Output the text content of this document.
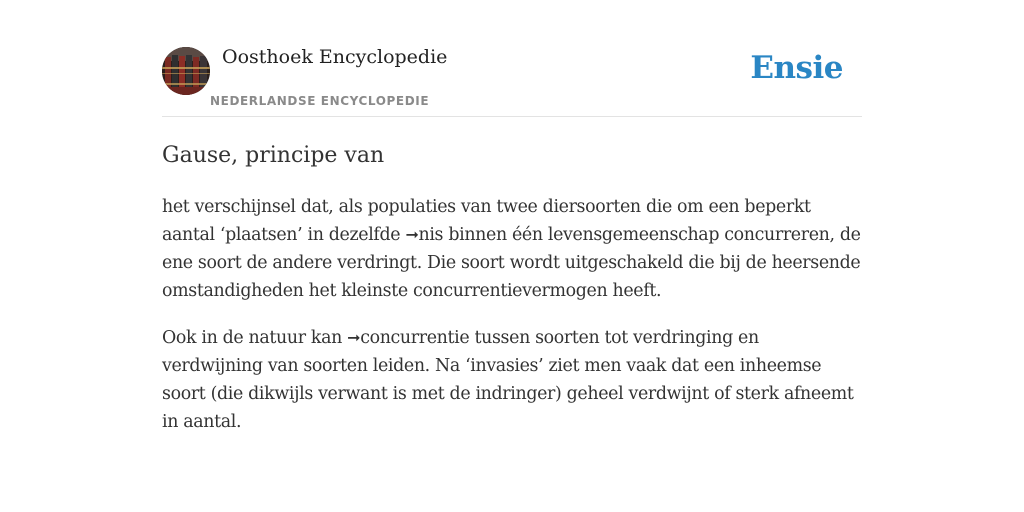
Oosthoek Encyclopedie
NEDERLANDSE ENCYCLOPEDIE
Ensie
Gause, principe van

het verschijnsel dat, als populaties van twee diersoorten die om een beperkt aantal ‘plaatsen’ in dezelfde ➞nis binnen één levensgemeenschap concurreren, de ene soort de andere verdringt. Die soort wordt uitgeschakeld die bij de heersende omstandigheden het kleinste concurrentievermogen heeft.

Ook in de natuur kan ➞concurrentie tussen soorten tot verdringing en verdwijning van soorten leiden. Na ‘invasies’ ziet men vaak dat een inheemse soort (die dikwijls verwant is met de indringer) geheel verdwijnt of sterk afneemt in aantal.
